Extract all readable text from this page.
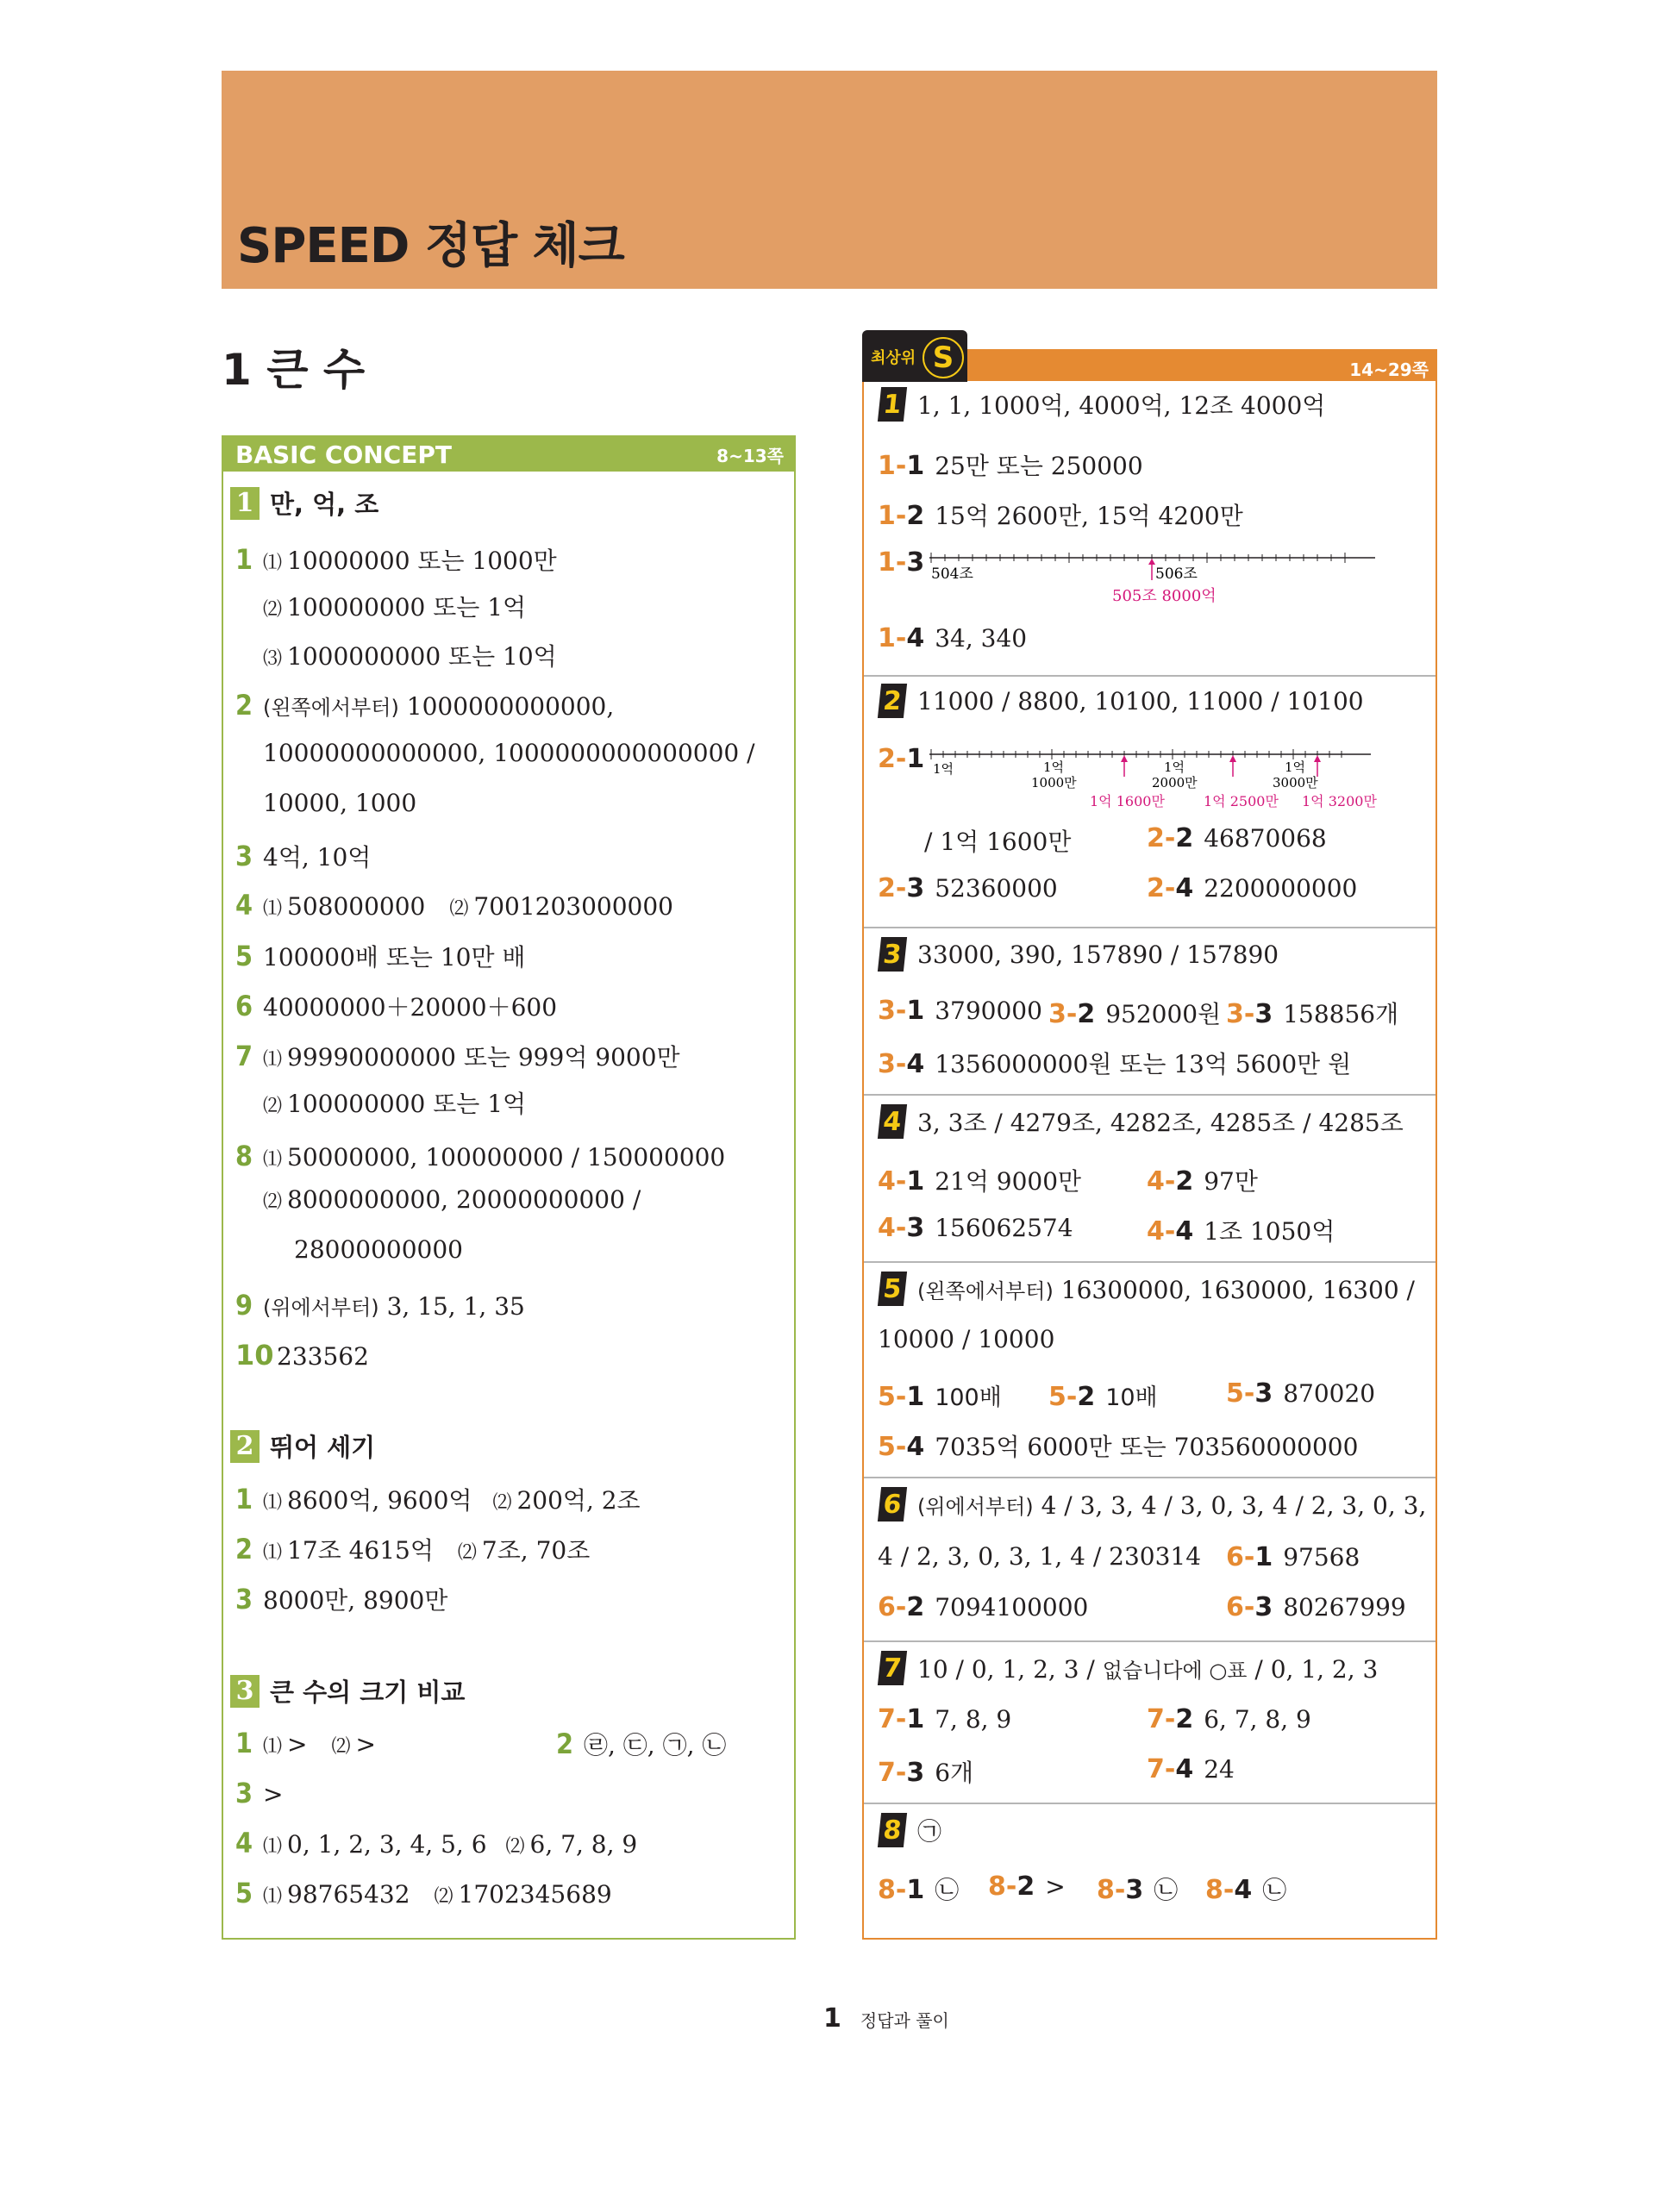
SPEED 정답 체크
1 큰 수
BASIC CONCEPT	8~13쪽
1 만, 억, 조
1 ⑴ 10000000 또는 1000만
⑵ 100000000 또는 1억
⑶ 1000000000 또는 10억
2 (왼쪽에서부터)
1000000000000,
10000000000000, 1000000000000000 /
10000, 1000
3 4억, 10억
4 ⑴ 508000000 ⑵ 7001203000000
5 100000배 또는 10만 배
6 40000000＋20000＋600
7 ⑴ 99990000000 또는 999억 9000만
⑵ 100000000 또는 1억
8 ⑴ 50000000, 100000000 / 150000000
⑵ 8000000000, 20000000000 /
28000000000
9 (위에서부터)
3, 15, 1, 35
10 233562
2 뛰어 세기
1 ⑴ 8600억, 9600억 ⑵ 200억, 2조
2 ⑴ 17조 4615억 ⑵ 7조, 70조
3 8000만, 8900만
3 큰 수의 크기 비교
1 ⑴ > ⑵ >	2 ㉣, ㉢, ㉠, ㉡
3 >
4 ⑴ 0, 1, 2, 3, 4, 5, 6 ⑵ 6, 7, 8, 9
5 ⑴ 98765432 ⑵ 1702345689
14~29쪽
최상위 S
1 1, 1, 1000억, 4000억, 12조 4000억
1-1 25만 또는 250000
1-2 15억 2600만, 15억 4200만
1-3 504조	506조
505조 8000억
1-4 34, 340
2 11000 / 8800, 10100, 11000 / 10100
2-1 1억	1억
1000만
1억
2000만
1억
3000만
1억 1600만	1억 2500만 1억 3200만
/ 1억 1600만	2-2 46870068
2-3 52360000	2-4 2200000000
3 33000, 390, 157890 / 157890
3-1 3790000 3-2 952000원 3-3 158856개
3-4 1356000000원 또는 13억 5600만 원
4 3, 3조 / 4279조, 4282조, 4285조 / 4285조
4-1 21억 9000만	4-2 97만
4-3 156062574	4-4 1조 1050억
5 (왼쪽에서부터) 16300000, 1630000, 16300 /
10000 / 10000
5-1 100배 5-2 10배	5-3 870020
5-4 7035억 6000만 또는 703560000000
6 (위에서부터) 4 / 3, 3, 4 / 3, 0, 3, 4 / 2, 3, 0, 3,
4 / 2, 3, 0, 3, 1, 4 / 230314 6-1 97568
6-2 7094100000	6-3 80267999
7 10 / 0, 1, 2, 3 / 없습니다에 ○표 / 0, 1, 2, 3
7-1 7, 8, 9	7-2 6, 7, 8, 9
7-3 6개	7-4 24
8 ㉠
8-1 ㉡ 8-2 > 8-3 ㉡ 8-4 ㉡
1 정답과 풀이
